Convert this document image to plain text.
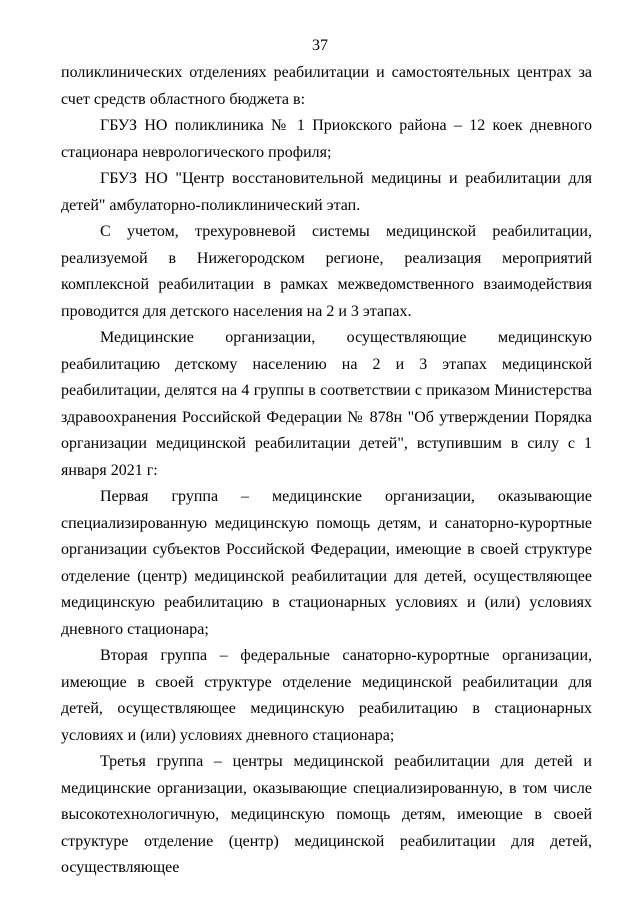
37

поликлинических отделениях реабилитации и самостоятельных центрах за счет средств областного бюджета в:

ГБУЗ НО поликлиника № 1 Приокского района – 12 коек дневного стационара неврологического профиля;

ГБУЗ НО "Центр восстановительной медицины и реабилитации для детей" амбулаторно-поликлинический этап.

С учетом, трехуровневой системы медицинской реабилитации, реализуемой в Нижегородском регионе, реализация мероприятий комплексной реабилитации в рамках межведомственного взаимодействия проводится для детского населения на 2 и 3 этапах.

Медицинские организации, осуществляющие медицинскую реабилитацию детскому населению на 2 и 3 этапах медицинской реабилитации, делятся на 4 группы в соответствии с приказом Министерства здравоохранения Российской Федерации № 878н "Об утверждении Порядка организации медицинской реабилитации детей", вступившим в силу с 1 января 2021 г:

Первая группа – медицинские организации, оказывающие специализированную медицинскую помощь детям, и санаторно-курортные организации субъектов Российской Федерации, имеющие в своей структуре отделение (центр) медицинской реабилитации для детей, осуществляющее медицинскую реабилитацию в стационарных условиях и (или) условиях дневного стационара;

Вторая группа – федеральные санаторно-курортные организации, имеющие в своей структуре отделение медицинской реабилитации для детей, осуществляющее медицинскую реабилитацию в стационарных условиях и (или) условиях дневного стационара;

Третья группа – центры медицинской реабилитации для детей и медицинские организации, оказывающие специализированную, в том числе высокотехнологичную, медицинскую помощь детям, имеющие в своей структуре отделение (центр) медицинской реабилитации для детей, осуществляющее
